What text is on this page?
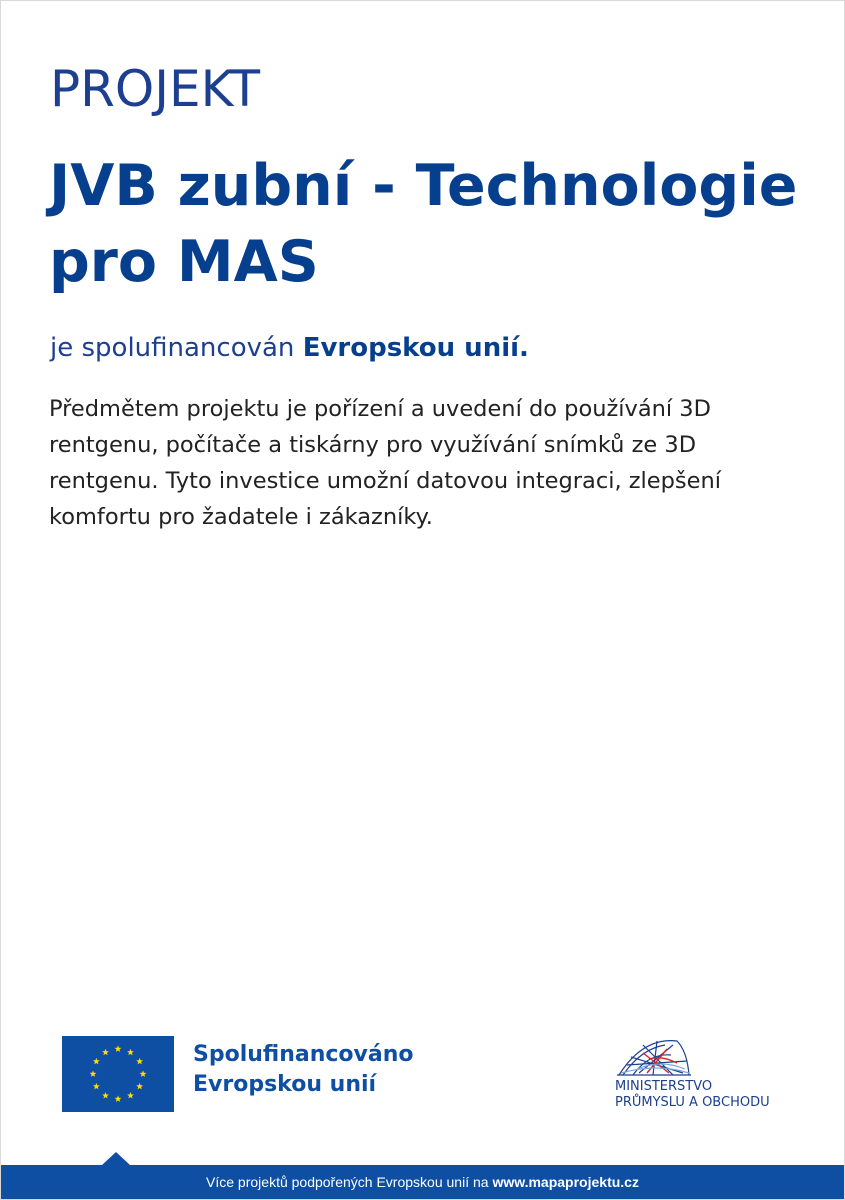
PROJEKT
JVB zubní - Technologie pro MAS
je spolufinancován Evropskou unií.

Předmětem projektu je pořízení a uvedení do používání 3D rentgenu, počítače a tiskárny pro využívání snímků ze 3D rentgenu. Tyto investice umožní datovou integraci, zlepšení komfortu pro žadatele i zákazníky.

Spolufinancováno
Evropskou unií	MINISTERSTVO
PRŮMYSLU A OBCHODU
Více projektů podpořených Evropskou unií na www.mapaprojektu.cz
